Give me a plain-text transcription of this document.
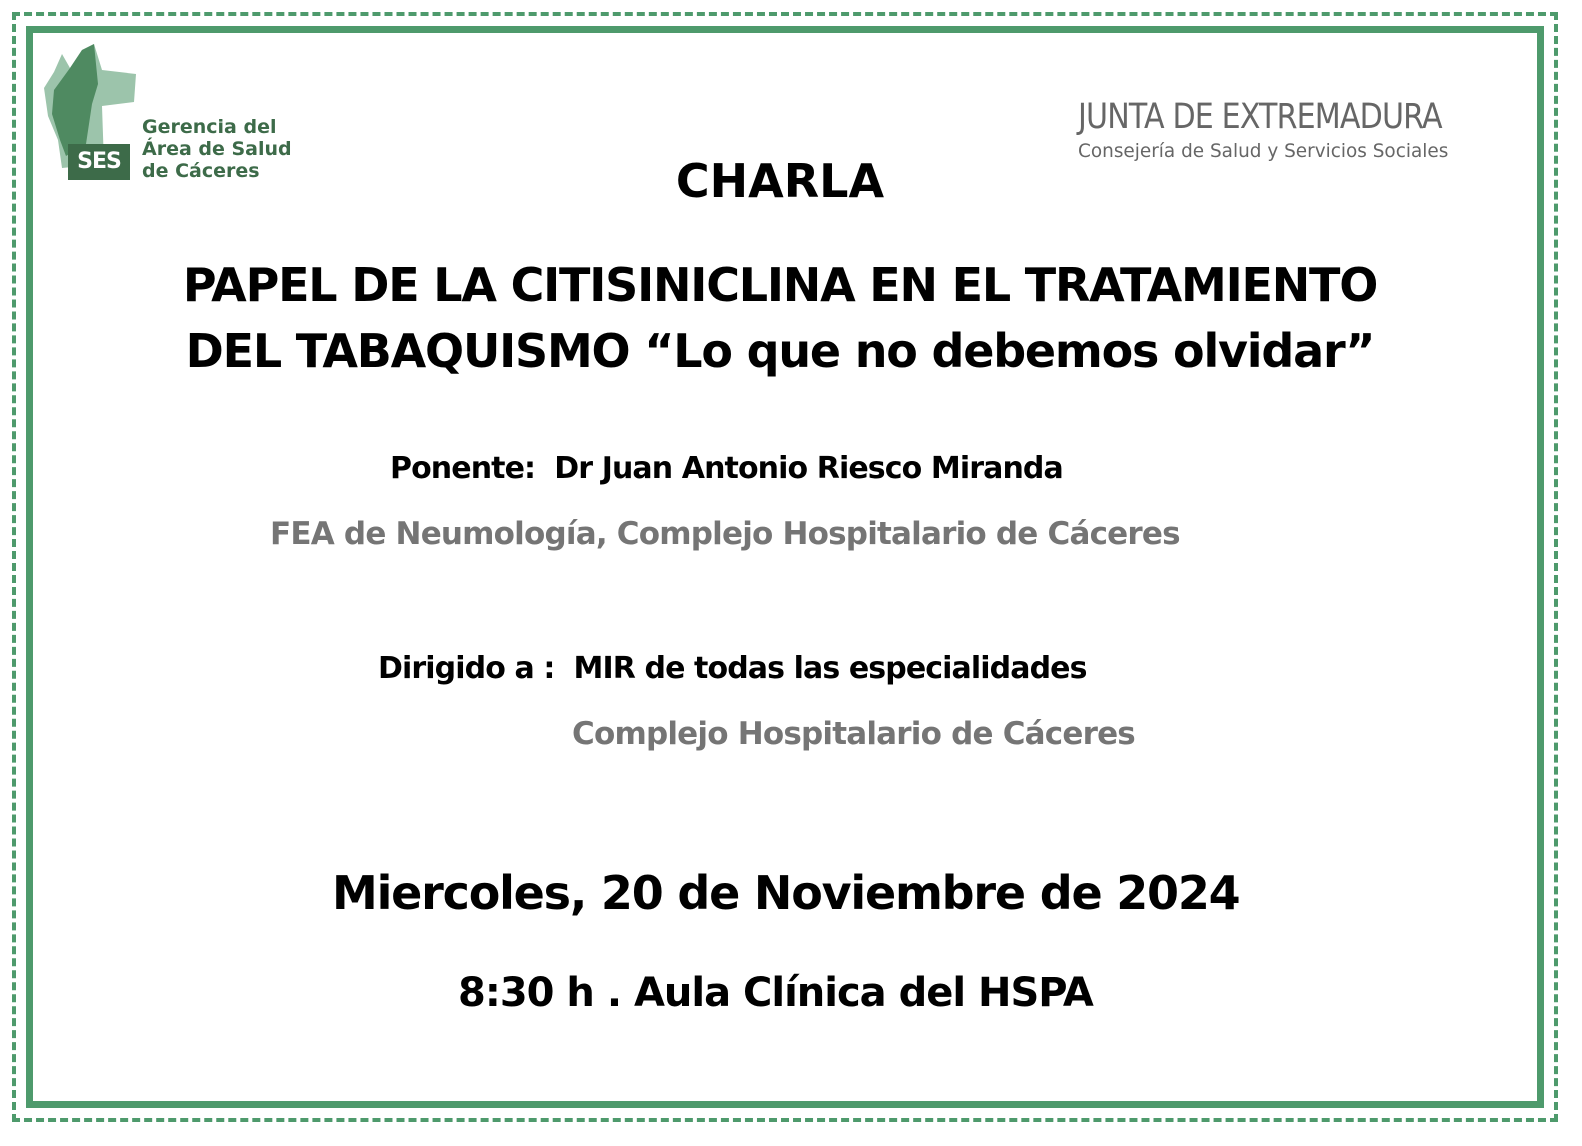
SES
Gerencia del
Área de Salud
de Cáceres
JUNTA DE EXTREMADURA
Consejería de Salud y Servicios Sociales

CHARLA

PAPEL DE LA CITISINICLINA EN EL TRATAMIENTO

DEL TABAQUISMO “Lo que no debemos olvidar”

Ponente: Dr Juan Antonio Riesco Miranda

FEA de Neumología, Complejo Hospitalario de Cáceres

Dirigido a : MIR de todas las especialidades

Complejo Hospitalario de Cáceres

Miercoles, 20 de Noviembre de 2024

8:30 h . Aula Clínica del HSPA
